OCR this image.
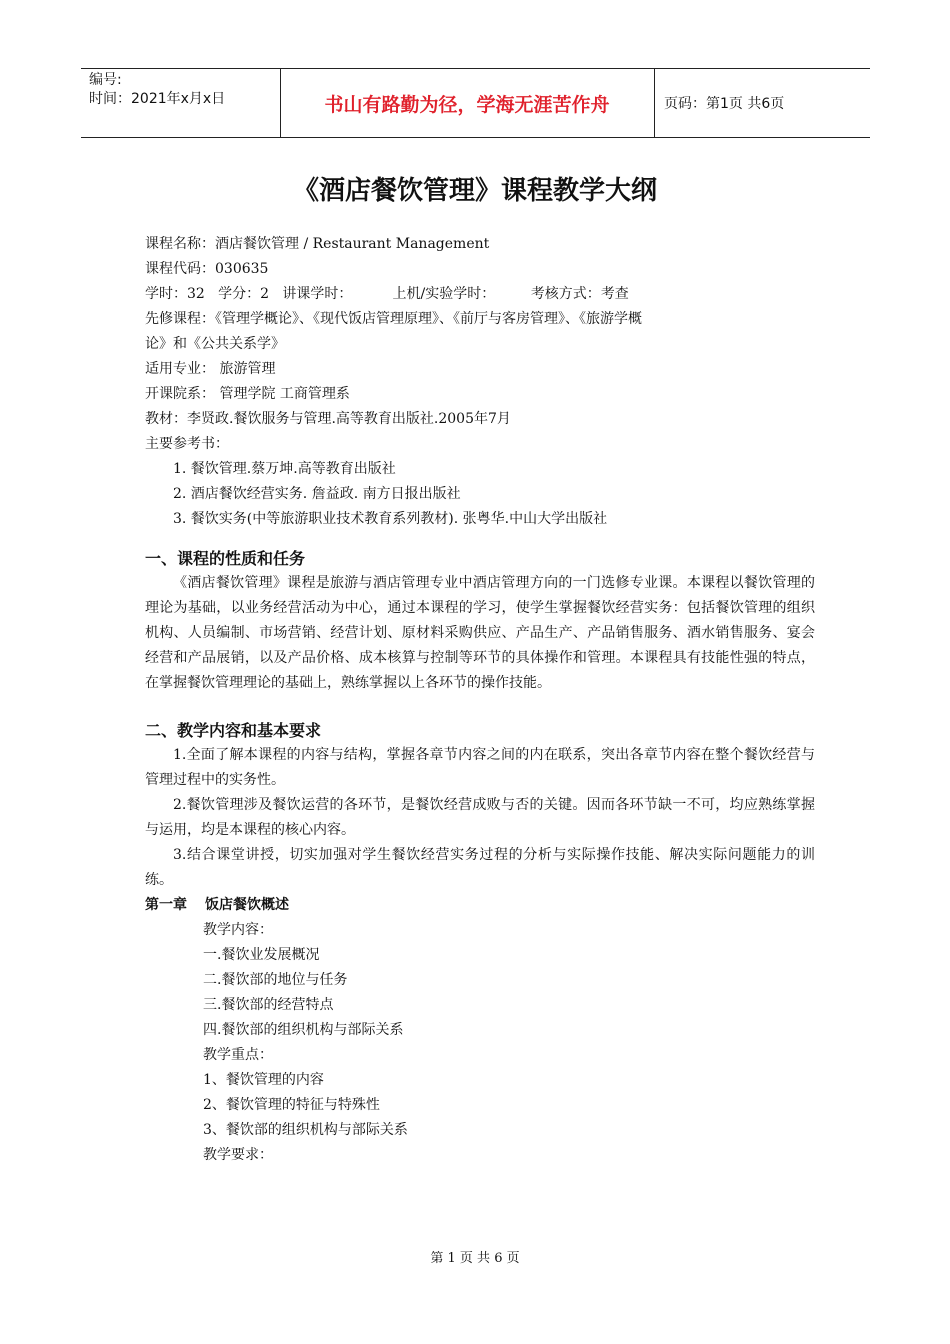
编号:
时间：2021年x月x日	书山有路勤为径，学海无涯苦作舟	页码：第1页 共6页
《酒店餐饮管理》课程教学大纲

课程名称：酒店餐饮管理 / Restaurant Management

课程代码：030635

学时：32   学分：2   讲课学时：         上机/实验学时：        考核方式：考查

先修课程：《管理学概论》、《现代饭店管理原理》、《前厅与客房管理》、《旅游学概

论》和《公共关系学》

适用专业： 旅游管理

开课院系： 管理学院 工商管理系

教材：李贤政.餐饮服务与管理.高等教育出版社.2005年7月

主要参考书：

1. 餐饮管理.蔡万坤.高等教育出版社

2. 酒店餐饮经营实务. 詹益政. 南方日报出版社

3. 餐饮实务(中等旅游职业技术教育系列教材). 张粤华.中山大学出版社

一、课程的性质和任务

《酒店餐饮管理》课程是旅游与酒店管理专业中酒店管理方向的一门选修专业课。本课程以餐饮管理的理论为基础，以业务经营活动为中心，通过本课程的学习，使学生掌握餐饮经营实务：包括餐饮管理的组织机构、人员编制、市场营销、经营计划、原材料采购供应、产品生产、产品销售服务、酒水销售服务、宴会经营和产品展销，以及产品价格、成本核算与控制等环节的具体操作和管理。本课程具有技能性强的特点，在掌握餐饮管理理论的基础上，熟练掌握以上各环节的操作技能。

二、教学内容和基本要求

1.全面了解本课程的内容与结构，掌握各章节内容之间的内在联系，突出各章节内容在整个餐饮经营与管理过程中的实务性。

2.餐饮管理涉及餐饮运营的各环节，是餐饮经营成败与否的关键。因而各环节缺一不可，均应熟练掌握与运用，均是本课程的核心内容。

3.结合课堂讲授，切实加强对学生餐饮经营实务过程的分析与实际操作技能、解决实际问题能力的训练。

第一章 饭店餐饮概述

教学内容：

一.餐饮业发展概况

二.餐饮部的地位与任务

三.餐饮部的经营特点

四.餐饮部的组织机构与部际关系

教学重点：

1、餐饮管理的内容

2、餐饮管理的特征与特殊性

3、餐饮部的组织机构与部际关系

教学要求：

第 1 页 共 6 页
